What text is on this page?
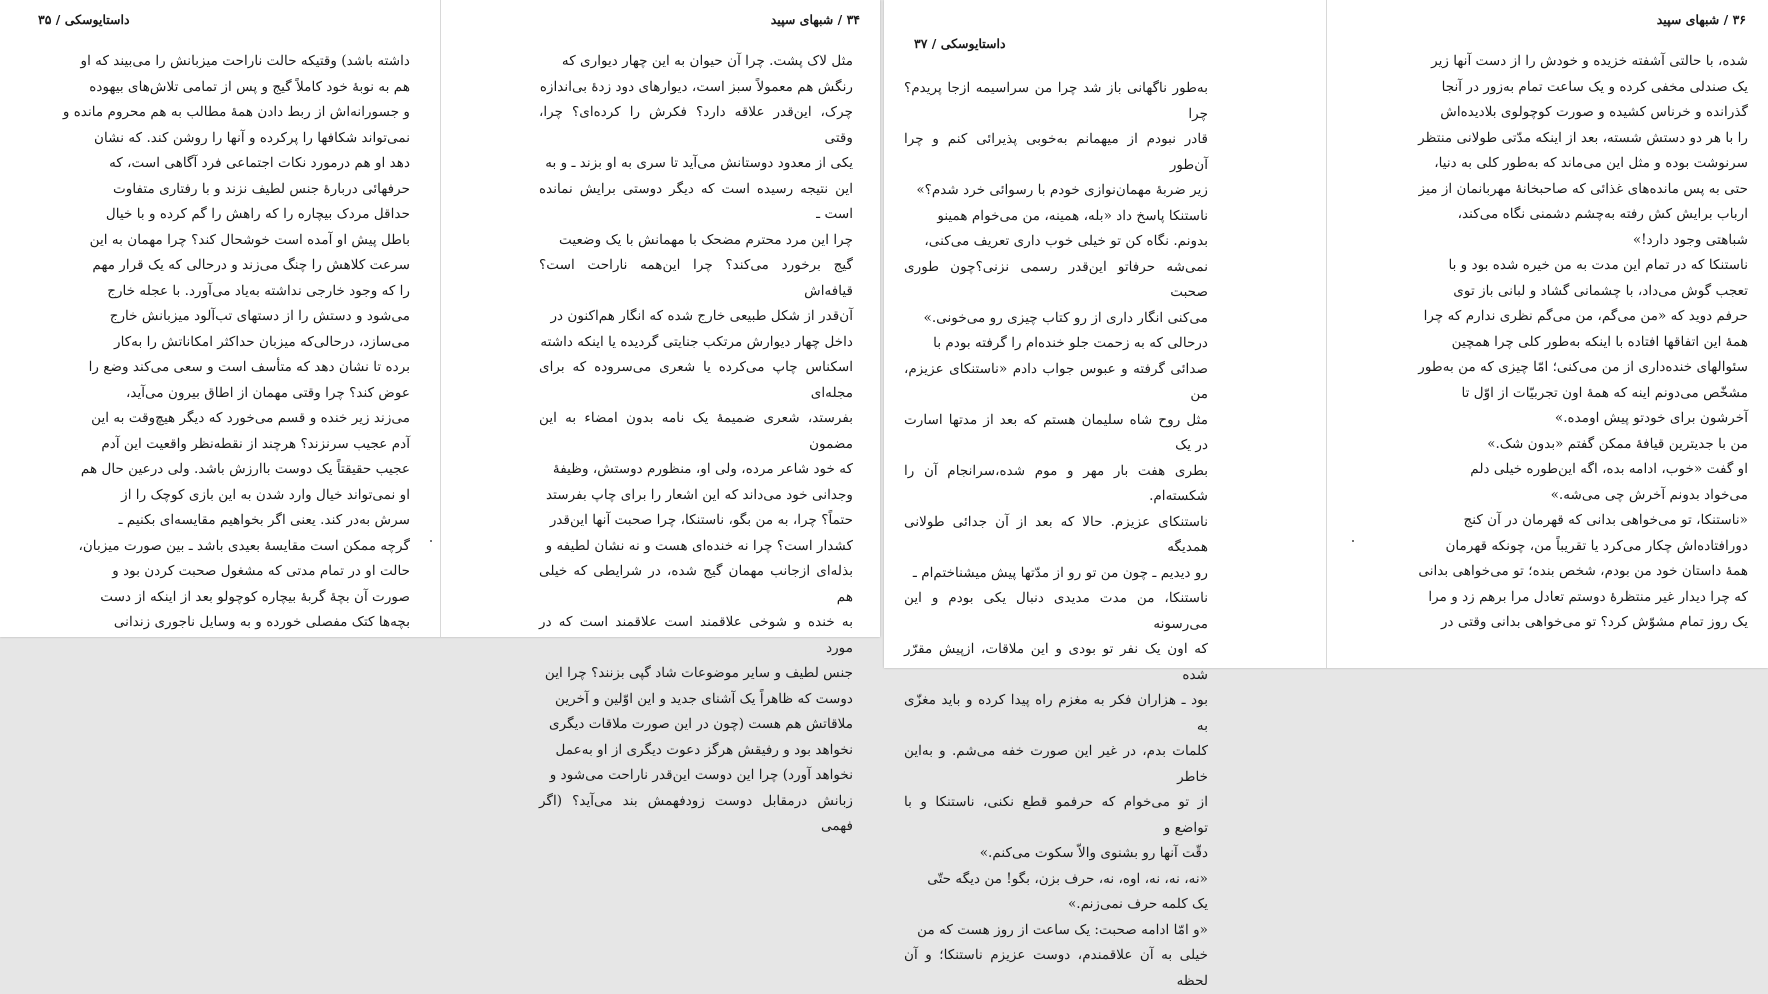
داستایوسکی / ۳۵

داشته باشد) وقتیکه حالت ناراحت میزبانش را می‌بیند که او

هم به نوبهٔ خود کاملاً گیج و پس از تمامی تلاش‌های بیهوده

و جسورانه‌اش از ربط دادن همهٔ مطالب به هم محروم مانده و

نمی‌تواند شکافها را پرکرده و آنها را روشن کند. که نشان

دهد او هم درمورد نکات اجتماعی فرد آگاهی است، که

حرفهائی دربارهٔ جنس لطیف نزند و با رفتاری متفاوت

حداقل مردک بیچاره را که راهش را گم کرده و با خیال

باطل پیش او آمده است خوشحال کند؟ چرا مهمان به این

سرعت کلاهش را چنگ می‌زند و درحالی که یک قرار مهم

را که وجود خارجی نداشته به‌یاد می‌آورد. با عجله خارج

می‌شود و دستش را از دستهای تب‌آلود میزبانش خارج

می‌سازد، درحالی‌که میزبان حداکثر امکاناتش را به‌کار

برده تا نشان دهد که متأسف است و سعی می‌کند وضع را

عوض کند؟ چرا وقتی مهمان از اطاق بیرون می‌آید،

می‌زند زیر خنده و قسم می‌خورد که دیگر هیچ‌وقت به این

آدم عجیب سرنزند؟ هرچند از نقطه‌نظر واقعیت این آدم

عجیب حقیقتاً یک دوست باارزش باشد. ولی درعین حال هم

او نمی‌تواند خیال وارد شدن به این بازی کوچک را از

سرش به‌در کند. یعنی اگر بخواهیم مقایسه‌ای بکنیم ـ

گرچه ممکن است مقایسهٔ بعیدی باشد ـ بین صورت میزبان،

حالت او در تمام مدتی که مشغول صحبت کردن بود و

صورت آن بچهٔ گربهٔ بیچاره کوچولو بعد از اینکه از دست

بچه‌ها کتک مفصلی خورده و به وسایل ناجوری زندانی

۳۴ / شبهای سپید

مثل لاک پشت. چرا آن حیوان به این چهار دیواری که

رنگش هم معمولاً سبز است، دیوارهای دود زدهٔ بی‌اندازه

چرک، این‌قدر علاقه دارد؟ فکرش را کرده‌ای؟ چرا، وقتی

یکی از معدود دوستانش می‌آید تا سری به او بزند ـ و به

این نتیجه رسیده است که دیگر دوستی برایش نمانده است ـ

چرا این مرد محترم مضحک با مهمانش با یک وضعیت

گیج برخورد می‌کند؟ چرا این‌همه ناراحت است؟ قیافه‌اش

آن‌قدر از شکل طبیعی خارج شده که انگار هم‌اکنون در

داخل چهار دیوارش مرتکب جنایتی گردیده یا اینکه داشته

اسکناس چاپ می‌کرده یا شعری می‌سروده که برای مجله‌ای

بفرستد، شعری ضمیمهٔ یک نامه بدون امضاء به این مضمون

که خود شاعر مرده، ولی او، منظورم دوستش، وظیفهٔ

وجدانی خود می‌داند که این اشعار را برای چاپ بفرستد

حتماً؟ چرا، به من بگو، ناستنکا، چرا صحبت آنها این‌قدر

کشدار است؟ چرا نه خنده‌ای هست و نه نشان لطیفه و

بذله‌ای ازجانب مهمان گیج شده، در شرایطی که خیلی هم

به خنده و شوخی علاقمند است علاقمند است که در مورد

جنس لطیف و سایر موضوعات شاد گپی بزنند؟ چرا این

دوست که ظاهراً یک آشنای جدید و این اوّلین و آخرین

ملاقاتش هم هست (چون در این صورت ملاقات دیگری

نخواهد بود و رفیقش هرگز دعوت دیگری از او به‌عمل

نخواهد آورد) چرا این دوست این‌قدر ناراحت می‌شود و

زبانش درمقابل دوست زودفهمش بند می‌آید؟ (اگر فهمی

داستایوسکی / ۳۷

به‌طور ناگهانی باز شد چرا من سراسیمه ازجا پریدم؟ چرا

قادر نبودم از میهمانم به‌خوبی پذیرائی کنم و چرا آن‌طور

زیر ضربهٔ مهمان‌نوازی خودم با رسوائی خرد شدم؟»

ناستنکا پاسخ داد «بله، همینه، من می‌خوام همینو

بدونم. نگاه کن تو خیلی خوب داری تعریف می‌کنی،

نمی‌شه حرفاتو این‌قدر رسمی نزنی؟چون طوری صحبت

می‌کنی انگار داری از رو کتاب چیزی رو می‌خونی.»

درحالی که به زحمت جلو خنده‌ام را گرفته بودم با

صدائی گرفته و عبوس جواب دادم «ناستنکای عزیزم، من

مثل روح شاه سلیمان هستم که بعد از مدتها اسارت در یک

بطری هفت بار مهر و موم شده،سرانجام آن را شکسته‌ام.

ناستنکای عزیزم. حالا که بعد از آن جدائی طولانی همدیگه

رو دیدیم ـ چون من تو رو از مدّتها پیش میشناختم‌ام ـ

ناستنکا، من مدت مدیدی دنبال یکی بودم و این می‌رسونه

که اون یک نفر تو بودی و این ملاقات، ازپیش مقرّر شده

بود ـ هزاران فکر به مغزم راه پیدا کرده و باید مغزّی به

کلمات بدم، در غیر این صورت خفه می‌شم. و به‌این خاطر

از تو می‌خوام که حرفمو قطع نکنی، ناستنکا و با تواضع و

دقّت آنها رو بشنوی والاّ سکوت می‌کنم.»

«نه، نه، نه، اوه، نه، حرف بزن، بگو! من دیگه حتّی

یک کلمه حرف نمی‌زنم.»

«و امّا ادامه صحبت: یک ساعت از روز هست که من

خیلی به آن علاقمندم، دوست عزیزم ناستنکا؛ و آن لحظه

۳۶ / شبهای سپید

شده، با حالتی آشفته خزیده و خودش را از دست آنها زیر

یک صندلی مخفی کرده و یک ساعت تمام به‌زور در آنجا

گذرانده و خرناس کشیده و صورت کوچولوی بلادیده‌اش

را با هر دو دستش شسته، بعد از اینکه مدّتی طولانی منتظر

سرنوشت بوده و مثل این می‌ماند که به‌طور کلی به دنیا،

حتی به پس مانده‌های غذائی که صاحبخانهٔ مهربانمان از میز

ارباب برایش کش رفته به‌چشم دشمنی نگاه می‌کند،

شباهتی وجود دارد!»

ناستنکا که در تمام این مدت به من خیره شده بود و با

تعجب گوش می‌داد، با چشمانی گشاد و لبانی باز توی

حرفم دوید که «من می‌گم، من می‌گم نظری ندارم که چرا

همهٔ این اتفاقها افتاده با اینکه به‌طور کلی چرا همچین

سئوالهای خنده‌داری از من می‌کنی؛ امّا چیزی که من به‌طور

مشخّص می‌دونم اینه که همهٔ اون تجربیّات از اوّل تا

آخرشون برای خودتو پیش اومده.»

من با جدیترین قیافهٔ ممکن گفتم «بدون شک.»

او گفت «خوب، ادامه بده، اگه این‌طوره خیلی دلم

می‌خواد بدونم آخرش چی می‌شه.»

«ناستنکا، تو می‌خواهی بدانی که قهرمان در آن کنج

دورافتاده‌اش چکار می‌کرد یا تقریباً من، چونکه قهرمان

همهٔ داستان خود من بودم، شخص بنده؛ تو می‌خواهی بدانی

که چرا دیدار غیر منتظرهٔ دوستم تعادل مرا برهم زد و مرا

یک روز تمام مشوّش کرد؟ تو می‌خواهی بدانی وقتی در
